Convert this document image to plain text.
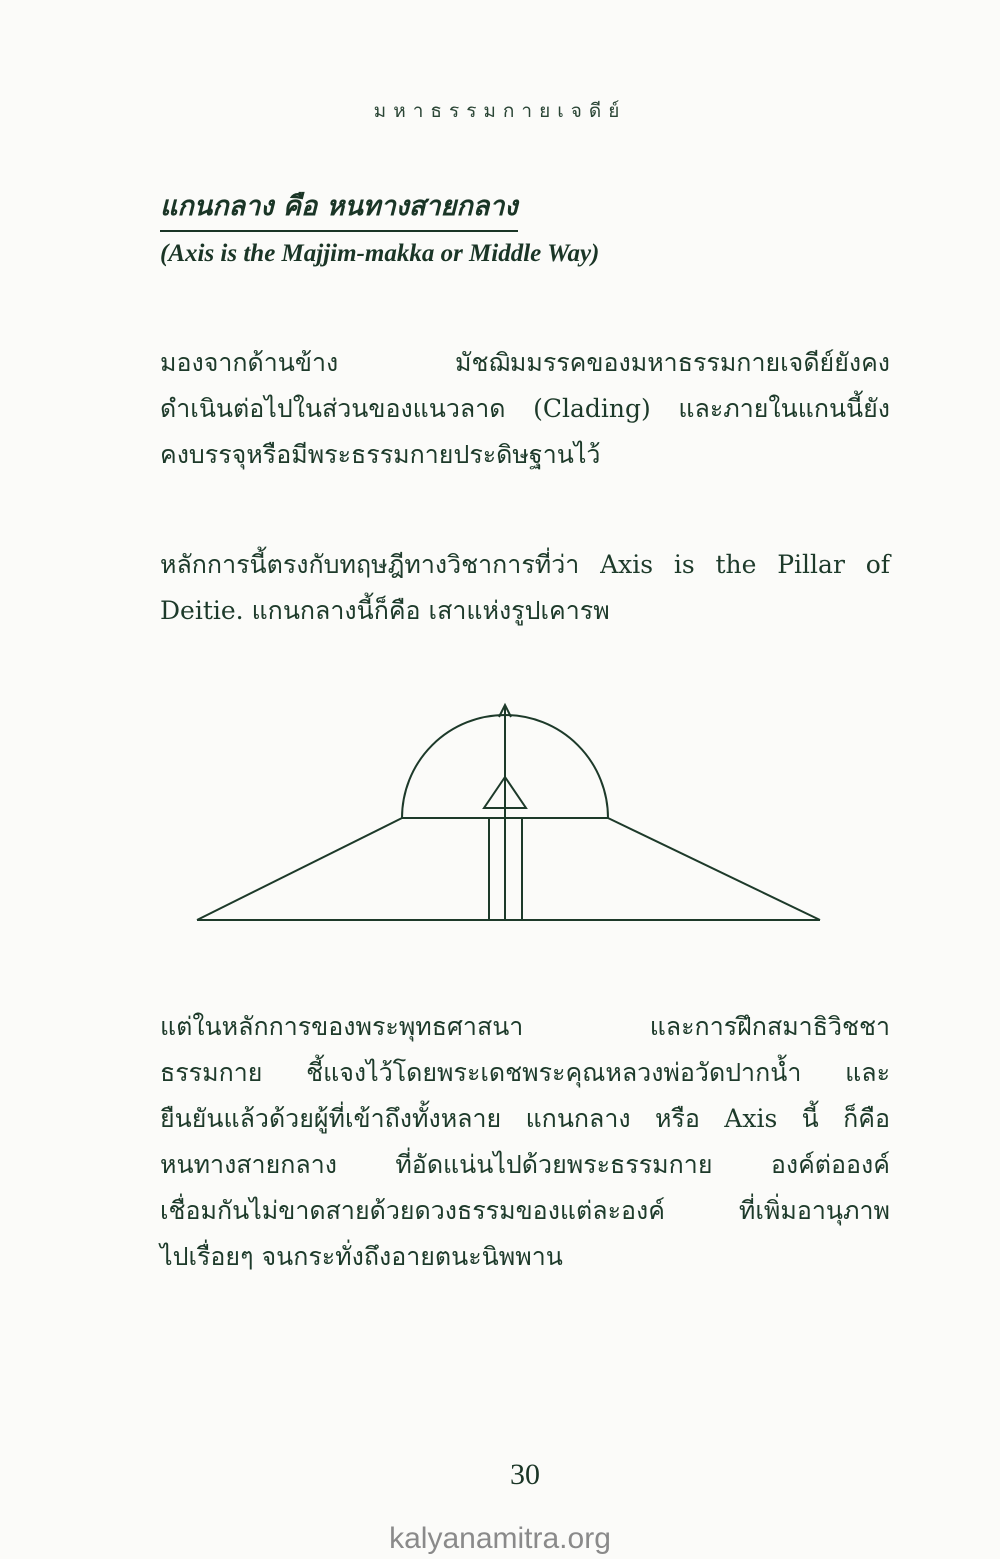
มหาธรรมกายเจดีย์
แกนกลาง คือ หนทางสายกลาง
(Axis is the Majjim-makka or Middle Way)
มองจากด้านข้าง มัชฌิมมรรคของมหาธรรมกายเจดีย์ยังคง
ดำเนินต่อไปในส่วนของแนวลาด (Clading) และภายในแกนนี้ยัง
คงบรรจุหรือมีพระธรรมกายประดิษฐานไว้
หลักการนี้ตรงกับทฤษฎีทางวิชาการที่ว่า Axis is the Pillar of
Deitie. แกนกลางนี้ก็คือ เสาแห่งรูปเคารพ
แต่ในหลักการของพระพุทธศาสนา และการฝึกสมาธิวิชชา
ธรรมกาย ชี้แจงไว้โดยพระเดชพระคุณหลวงพ่อวัดปากน้ำ และ
ยืนยันแล้วด้วยผู้ที่เข้าถึงทั้งหลาย แกนกลาง หรือ Axis นี้ ก็คือ
หนทางสายกลาง ที่อัดแน่นไปด้วยพระธรรมกาย องค์ต่อองค์
เชื่อมกันไม่ขาดสายด้วยดวงธรรมของแต่ละองค์ ที่เพิ่มอานุภาพ
ไปเรื่อยๆ จนกระทั่งถึงอายตนะนิพพาน
30
kalyanamitra.org
